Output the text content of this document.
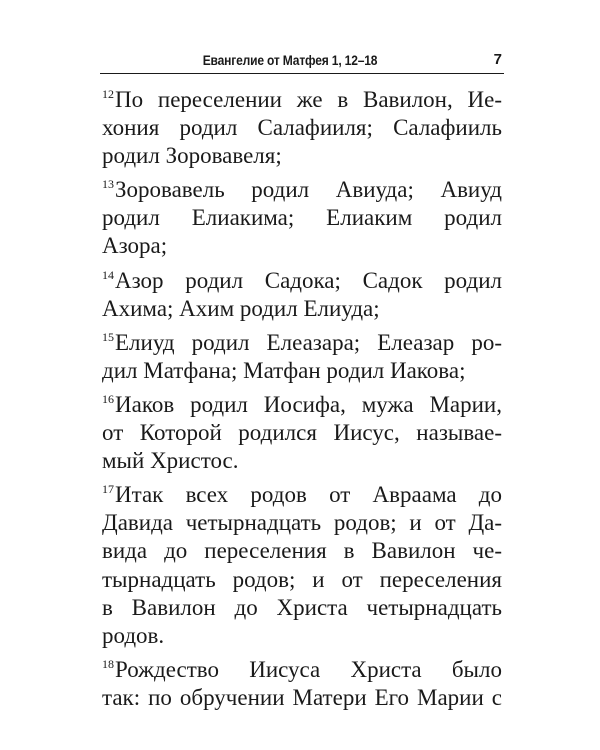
Евангелие от Матфея 1, 12–18	7
$^{12}$По переселении же в Вавилон, Ие-
хония родил Салафииля; Салафииль
родил Зоровавеля;
$^{13}$Зоровавель родил Авиуда; Авиуд
родил Елиакима; Елиаким родил
Азора;
$^{14}$Азор родил Садока; Садок родил
Ахима; Ахим родил Елиуда;
$^{15}$Елиуд родил Елеазара; Елеазар ро-
дил Матфана; Матфан родил Иакова;
$^{16}$Иаков родил Иосифа, мужа Марии,
от Которой родился Иисус, называе-
мый Христос.
$^{17}$Итак всех родов от Авраама до
Давида четырнадцать родов; и от Да-
вида до переселения в Вавилон че-
тырнадцать родов; и от переселения
в Вавилон до Христа четырнадцать
родов.
$^{18}$Рождество Иисуса Христа было
так: по обручении Матери Его Марии с
